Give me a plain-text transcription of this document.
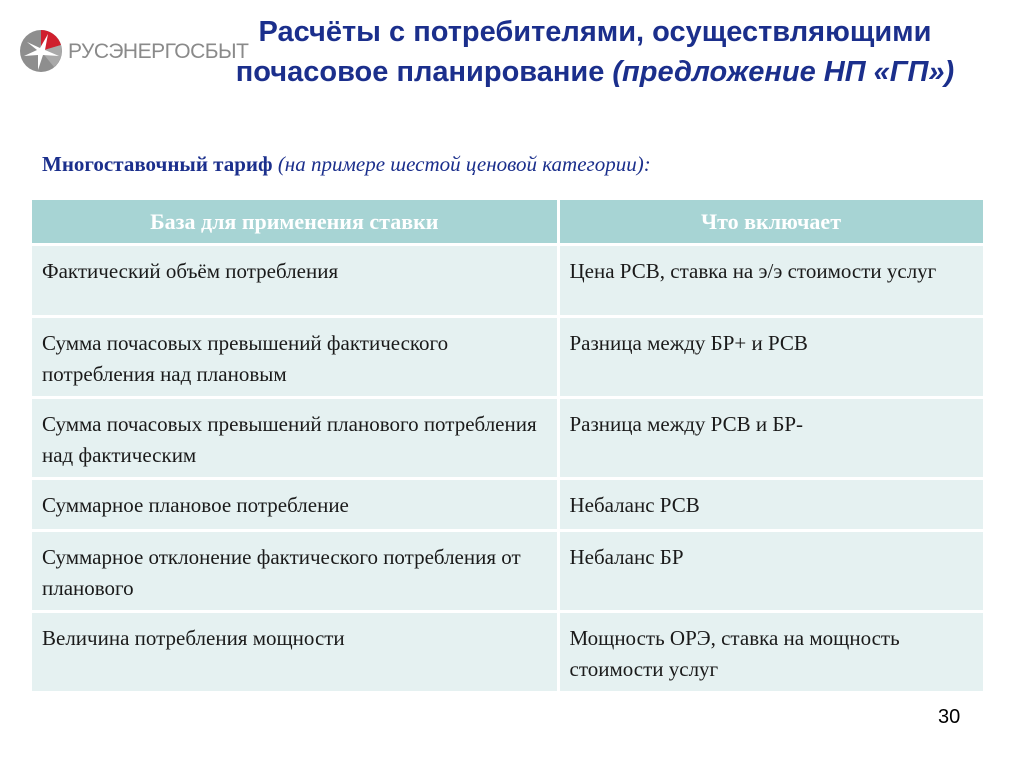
РУСЭНЕРГОСБЫТ
Расчёты с потребителями, осуществляющими
почасовое планирование (предложение НП «ГП»)
Многоставочный тариф (на примере шестой ценовой категории):
База для применения ставки	Что включает
Фактический объём потребления	Цена РСВ, ставка на э/э стоимости услуг
Сумма почасовых превышений фактического потребления над плановым	Разница между БР+ и РСВ
Сумма почасовых превышений планового потребления над фактическим	Разница между РСВ и БР-
Суммарное плановое потребление	Небаланс РСВ
Суммарное отклонение фактического потребления от планового	Небаланс БР
Величина потребления мощности	Мощность ОРЭ, ставка на мощность стоимости услуг
30
